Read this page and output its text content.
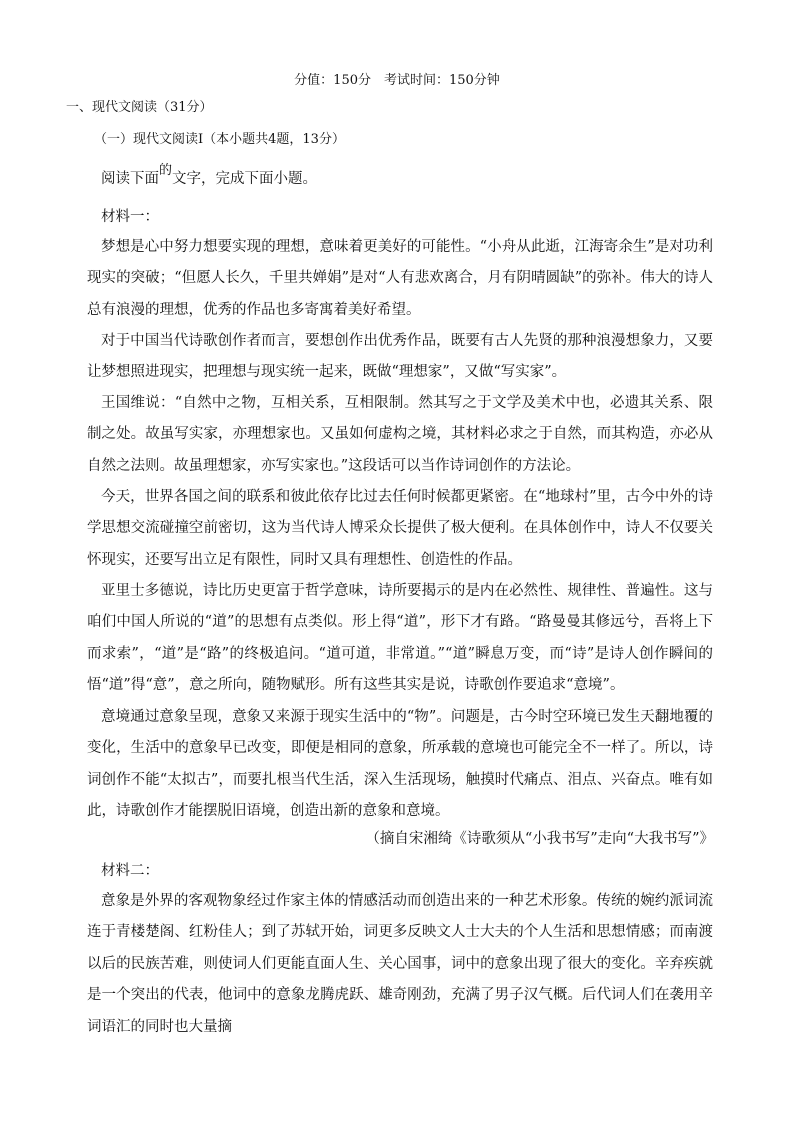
分值：150分　考试时间：150分钟
一、现代文阅读（31分）
（一）现代文阅读Ⅰ（本小题共4题，13分）
阅读下面的文字，完成下面小题。
材料一：
梦想是心中努力想要实现的理想，意味着更美好的可能性。“小舟从此逝，江海寄余生”是对功利现实的突破；“但愿人长久，千里共婵娟”是对“人有悲欢离合，月有阴晴圆缺”的弥补。伟大的诗人总有浪漫的理想，优秀的作品也多寄寓着美好希望。
对于中国当代诗歌创作者而言，要想创作出优秀作品，既要有古人先贤的那种浪漫想象力，又要让梦想照进现实，把理想与现实统一起来，既做“理想家”，又做“写实家”。
王国维说：“自然中之物，互相关系，互相限制。然其写之于文学及美术中也，必遗其关系、限制之处。故虽写实家，亦理想家也。又虽如何虚构之境，其材料必求之于自然，而其构造，亦必从自然之法则。故虽理想家，亦写实家也。”这段话可以当作诗词创作的方法论。
今天，世界各国之间的联系和彼此依存比过去任何时候都更紧密。在“地球村”里，古今中外的诗学思想交流碰撞空前密切，这为当代诗人博采众长提供了极大便利。在具体创作中，诗人不仅要关怀现实，还要写出立足有限性，同时又具有理想性、创造性的作品。
亚里士多德说，诗比历史更富于哲学意味，诗所要揭示的是内在必然性、规律性、普遍性。这与咱们中国人所说的“道”的思想有点类似。形上得“道”，形下才有路。“路曼曼其修远兮，吾将上下而求索”，“道”是“路”的终极追问。“道可道，非常道。”“道”瞬息万变，而“诗”是诗人创作瞬间的悟“道”得“意”，意之所向，随物赋形。所有这些其实是说，诗歌创作要追求“意境”。
意境通过意象呈现，意象又来源于现实生活中的“物”。问题是，古今时空环境已发生天翻地覆的变化，生活中的意象早已改变，即便是相同的意象，所承载的意境也可能完全不一样了。所以，诗词创作不能“太拟古”，而要扎根当代生活，深入生活现场，触摸时代痛点、泪点、兴奋点。唯有如此，诗歌创作才能摆脱旧语境，创造出新的意象和意境。
（摘自宋湘绮《诗歌须从“小我书写”走向“大我书写”》
材料二：
意象是外界的客观物象经过作家主体的情感活动而创造出来的一种艺术形象。传统的婉约派词流连于青楼楚阁、红粉佳人；到了苏轼开始，词更多反映文人士大夫的个人生活和思想情感；而南渡以后的民族苦难，则使词人们更能直面人生、关心国事，词中的意象出现了很大的变化。辛弃疾就是一个突出的代表，他词中的意象龙腾虎跃、雄奇刚劲，充满了男子汉气概。后代词人们在袭用辛词语汇的同时也大量摘
